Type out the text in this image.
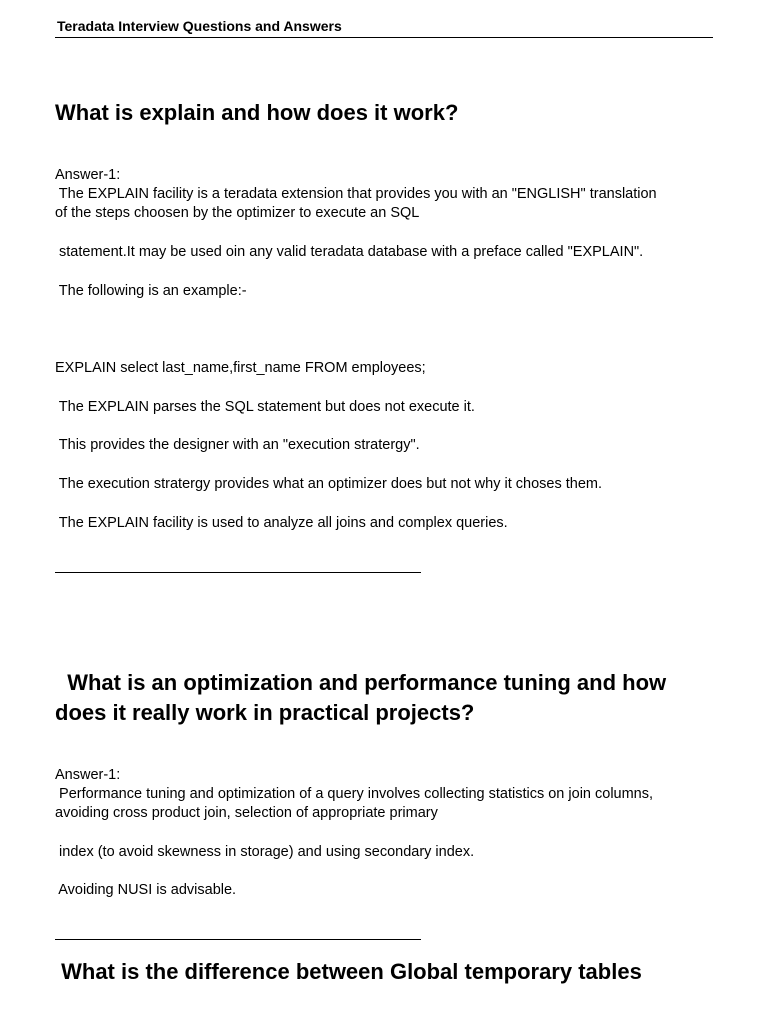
Teradata Interview Questions and Answers
What is explain and how does it work?
Answer-1:
The EXPLAIN facility is a teradata extension that provides you with an "ENGLISH" translation
of the steps choosen by the optimizer to execute an SQL
statement.It may be used oin any valid teradata database with a preface called "EXPLAIN".
The following is an example:-
EXPLAIN select last_name,first_name FROM employees;
The EXPLAIN parses the SQL statement but does not execute it.
This provides the designer with an "execution stratergy".
The execution stratergy provides what an optimizer does but not why it choses them.
The EXPLAIN facility is used to analyze all joins and complex queries.
What is an optimization and performance tuning and how
does it really work in practical projects?
Answer-1:
Performance tuning and optimization of a query involves collecting statistics on join columns,
avoiding cross product join, selection of appropriate primary
index (to avoid skewness in storage) and using secondary index.
Avoiding NUSI is advisable.
What is the difference between Global temporary tables
